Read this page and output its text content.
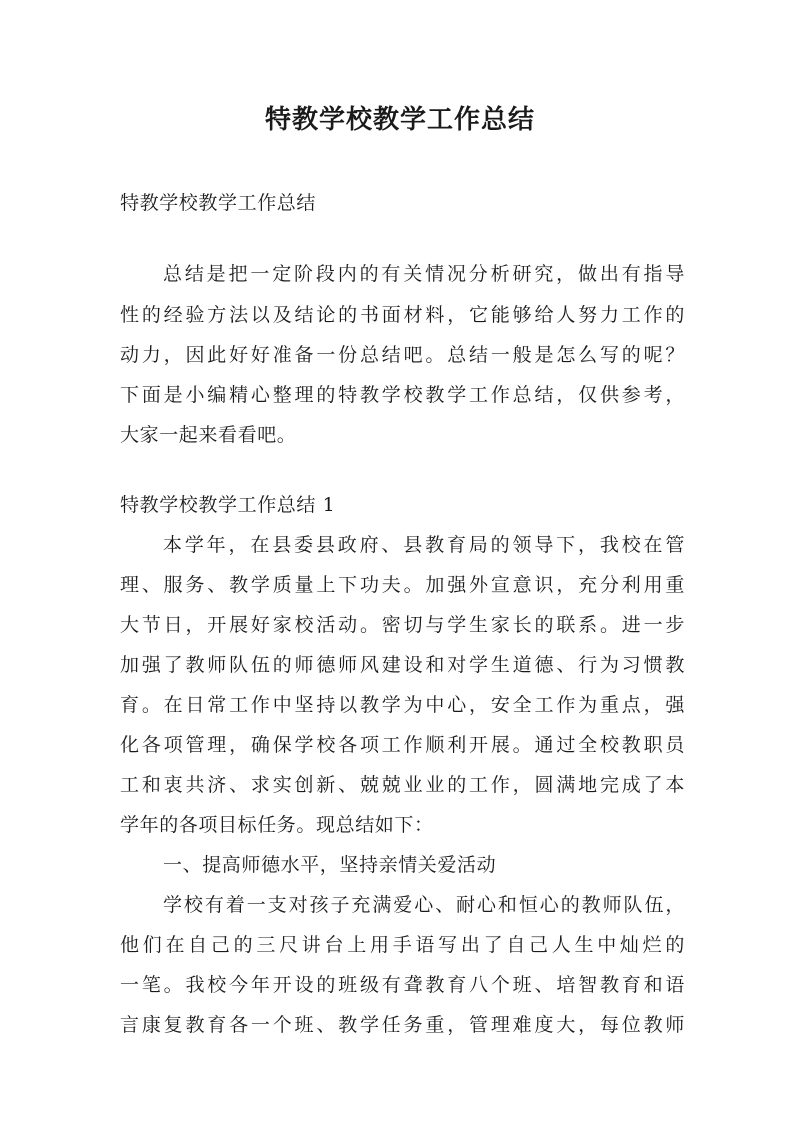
特教学校教学工作总结

特教学校教学工作总结

总结是把一定阶段内的有关情况分析研究，做出有指导

性的经验方法以及结论的书面材料，它能够给人努力工作的

动力，因此好好准备一份总结吧。总结一般是怎么写的呢？

下面是小编精心整理的特教学校教学工作总结，仅供参考，

大家一起来看看吧。

特教学校教学工作总结 1

本学年，在县委县政府、县教育局的领导下，我校在管

理、服务、教学质量上下功夫。加强外宣意识，充分利用重

大节日，开展好家校活动。密切与学生家长的联系。进一步

加强了教师队伍的师德师风建设和对学生道德、行为习惯教

育。在日常工作中坚持以教学为中心，安全工作为重点，强

化各项管理，确保学校各项工作顺利开展。通过全校教职员

工和衷共济、求实创新、兢兢业业的工作，圆满地完成了本

学年的各项目标任务。现总结如下：

一、提高师德水平，坚持亲情关爱活动

学校有着一支对孩子充满爱心、耐心和恒心的教师队伍，

他们在自己的三尺讲台上用手语写出了自己人生中灿烂的

一笔。我校今年开设的班级有聋教育八个班、培智教育和语

言康复教育各一个班、教学任务重，管理难度大，每位教师
